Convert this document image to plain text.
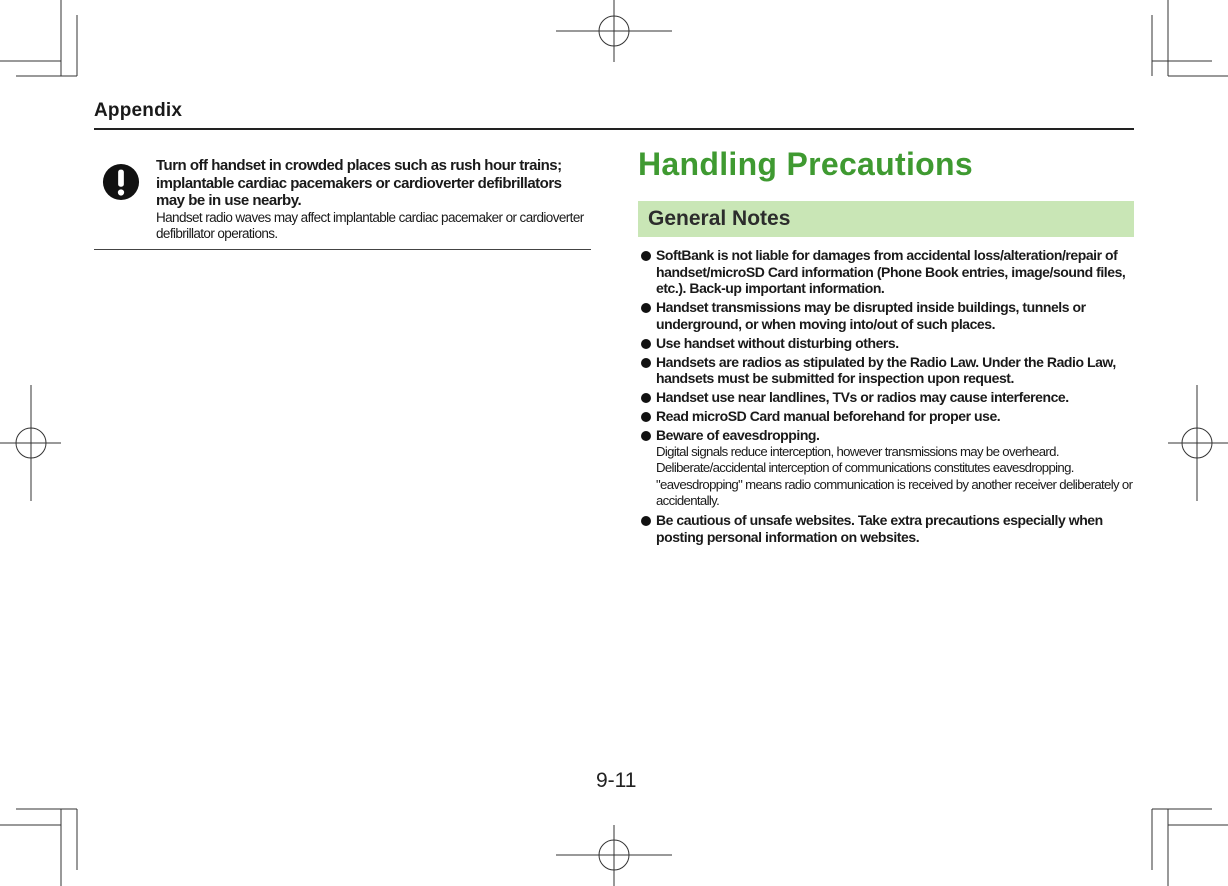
Appendix
Turn off handset in crowded places such as rush hour trains; implantable cardiac pacemakers or cardioverter defibrillators may be in use nearby.
Handset radio waves may affect implantable cardiac pacemaker or cardioverter defibrillator operations.
Handling Precautions
General Notes
SoftBank is not liable for damages from accidental loss/alteration/repair of handset/microSD Card information (Phone Book entries, image/sound files, etc.). Back-up important information.
Handset transmissions may be disrupted inside buildings, tunnels or underground, or when moving into/out of such places.
Use handset without disturbing others.
Handsets are radios as stipulated by the Radio Law. Under the Radio Law, handsets must be submitted for inspection upon request.
Handset use near landlines, TVs or radios may cause interference.
Read microSD Card manual beforehand for proper use.
Beware of eavesdropping.
Digital signals reduce interception, however transmissions may be overheard. Deliberate/accidental interception of communications constitutes eavesdropping. "eavesdropping" means radio communication is received by another receiver deliberately or accidentally.
Be cautious of unsafe websites. Take extra precautions especially when posting personal information on websites.
9-11
